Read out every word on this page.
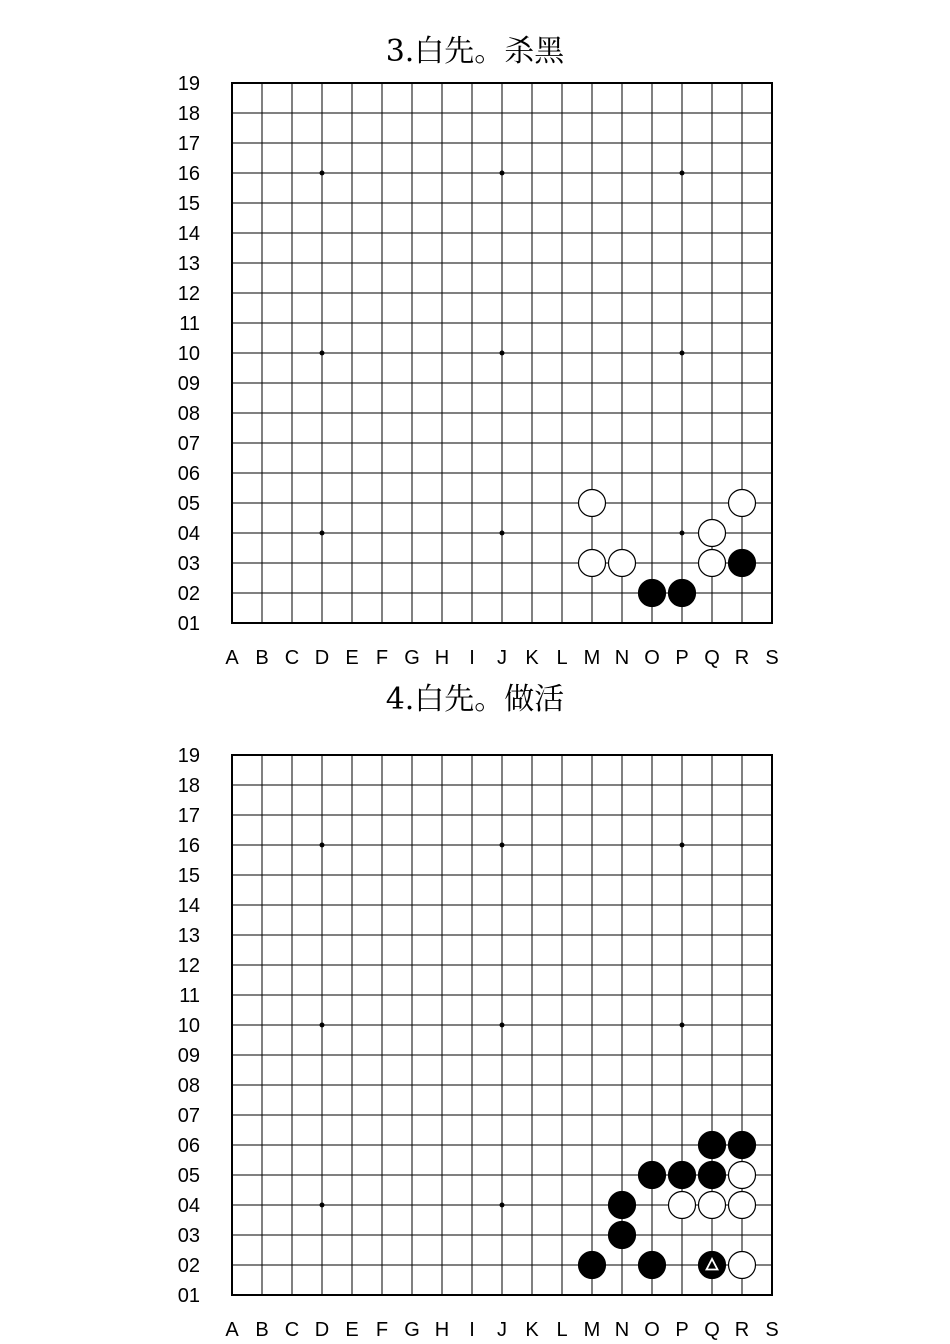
3.白先。杀黑
19
18
17
16
15
14
13
12
11
10
09
08
07
06
05
04
03
02
01
A B C D E F G H I J K L M N O P Q R S
4.白先。做活
19
18
17
16
15
14
13
12
11
10
09
08
07
06
05
04
03
02
01
A B C D E F G H I J K L M N O P Q R S
